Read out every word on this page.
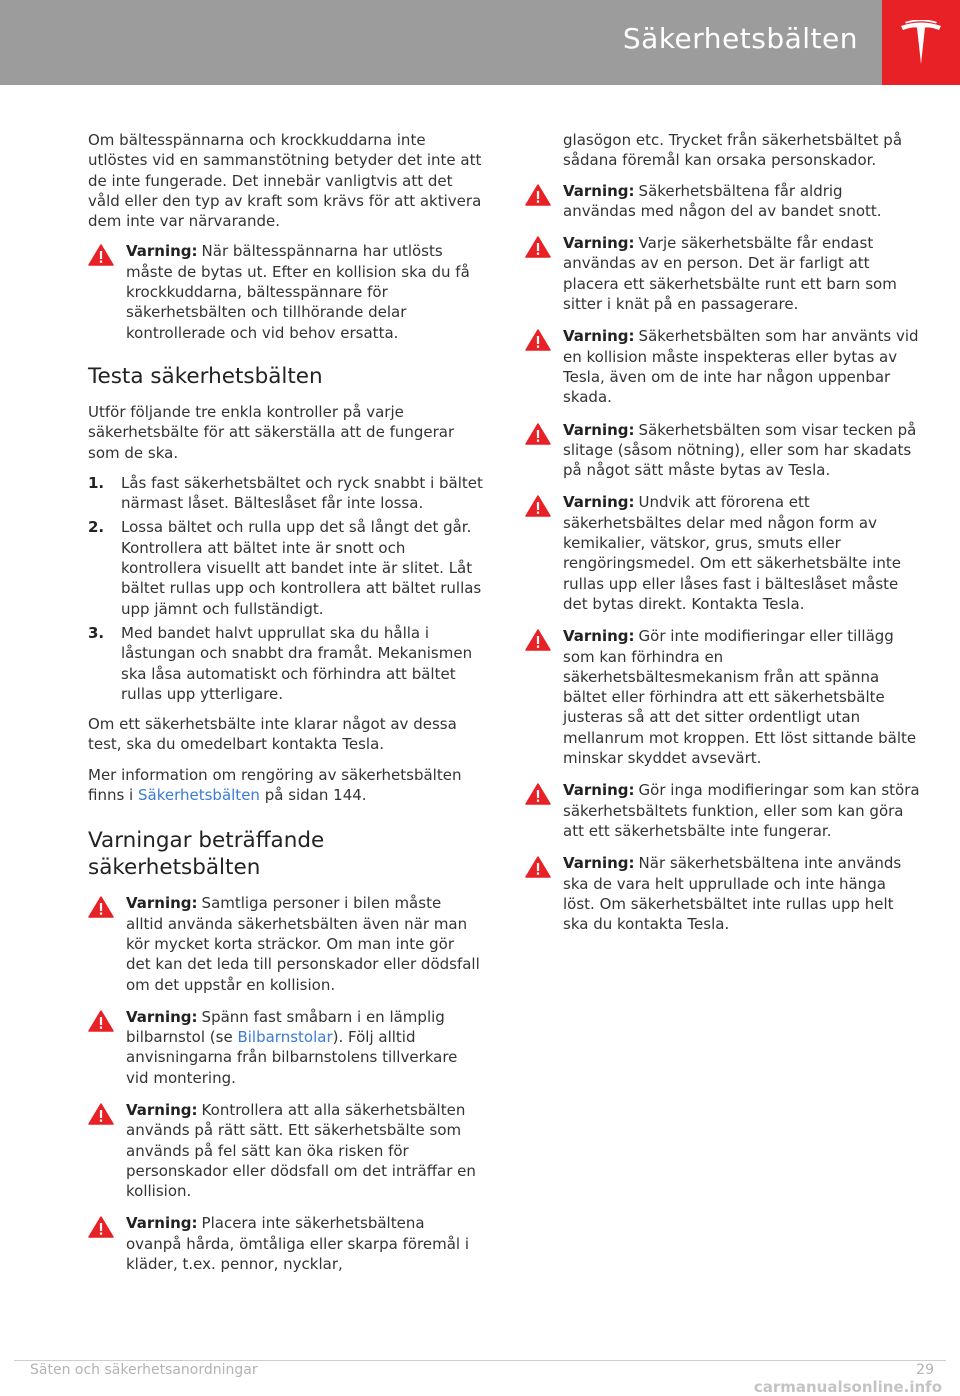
Säkerhetsbälten

Om bältesspännarna och krockkuddarna inte utlöstes vid en sammanstötning betyder det inte att de inte fungerade. Det innebär vanligtvis att det våld eller den typ av kraft som krävs för att aktivera dem inte var närvarande.

Varning: När bältesspännarna har utlösts måste de bytas ut. Efter en kollision ska du få krockkuddarna, bältesspännare för säkerhetsbälten och tillhörande delar kontrollerade och vid behov ersatta.
Testa säkerhetsbälten

Utför följande tre enkla kontroller på varje säkerhetsbälte för att säkerställa att de fungerar som de ska.

1. Lås fast säkerhetsbältet och ryck snabbt i bältet närmast låset. Bälteslåset får inte lossa.
2. Lossa bältet och rulla upp det så långt det går. Kontrollera att bältet inte är snott och kontrollera visuellt att bandet inte är slitet. Låt bältet rullas upp och kontrollera att bältet rullas upp jämnt och fullständigt.
3. Med bandet halvt upprullat ska du hålla i låstungan och snabbt dra framåt. Mekanismen ska låsa automatiskt och förhindra att bältet rullas upp ytterligare.

Om ett säkerhetsbälte inte klarar något av dessa test, ska du omedelbart kontakta Tesla.

Mer information om rengöring av säkerhetsbälten finns i Säkerhetsbälten på sidan 144.

Varningar beträffande säkerhetsbälten
Varning: Samtliga personer i bilen måste alltid använda säkerhetsbälten även när man kör mycket korta sträckor. Om man inte gör det kan det leda till personskador eller dödsfall om det uppstår en kollision.
Varning: Spänn fast småbarn i en lämplig bilbarnstol (se Bilbarnstolar). Följ alltid anvisningarna från bilbarnstolens tillverkare vid montering.
Varning: Kontrollera att alla säkerhetsbälten används på rätt sätt. Ett säkerhetsbälte som används på fel sätt kan öka risken för personskador eller dödsfall om det inträffar en kollision.
Varning: Placera inte säkerhetsbältena ovanpå hårda, ömtåliga eller skarpa föremål i kläder, t.ex. pennor, nycklar,

glasögon etc. Trycket från säkerhetsbältet på sådana föremål kan orsaka personskador.

Varning: Säkerhetsbältena får aldrig användas med någon del av bandet snott.
Varning: Varje säkerhetsbälte får endast användas av en person. Det är farligt att placera ett säkerhetsbälte runt ett barn som sitter i knät på en passagerare.
Varning: Säkerhetsbälten som har använts vid en kollision måste inspekteras eller bytas av Tesla, även om de inte har någon uppenbar skada.
Varning: Säkerhetsbälten som visar tecken på slitage (såsom nötning), eller som har skadats på något sätt måste bytas av Tesla.
Varning: Undvik att förorena ett säkerhetsbältes delar med någon form av kemikalier, vätskor, grus, smuts eller rengöringsmedel. Om ett säkerhetsbälte inte rullas upp eller låses fast i bälteslåset måste det bytas direkt. Kontakta Tesla.
Varning: Gör inte modifieringar eller tillägg som kan förhindra en säkerhetsbältesmekanism från att spänna bältet eller förhindra att ett säkerhetsbälte justeras så att det sitter ordentligt utan mellanrum mot kroppen. Ett löst sittande bälte minskar skyddet avsevärt.
Varning: Gör inga modifieringar som kan störa säkerhetsbältets funktion, eller som kan göra att ett säkerhetsbälte inte fungerar.
Varning: När säkerhetsbältena inte används ska de vara helt upprullade och inte hänga löst. Om säkerhetsbältet inte rullas upp helt ska du kontakta Tesla.
Säten och säkerhetsanordningar	29
carmanualsonline.info
